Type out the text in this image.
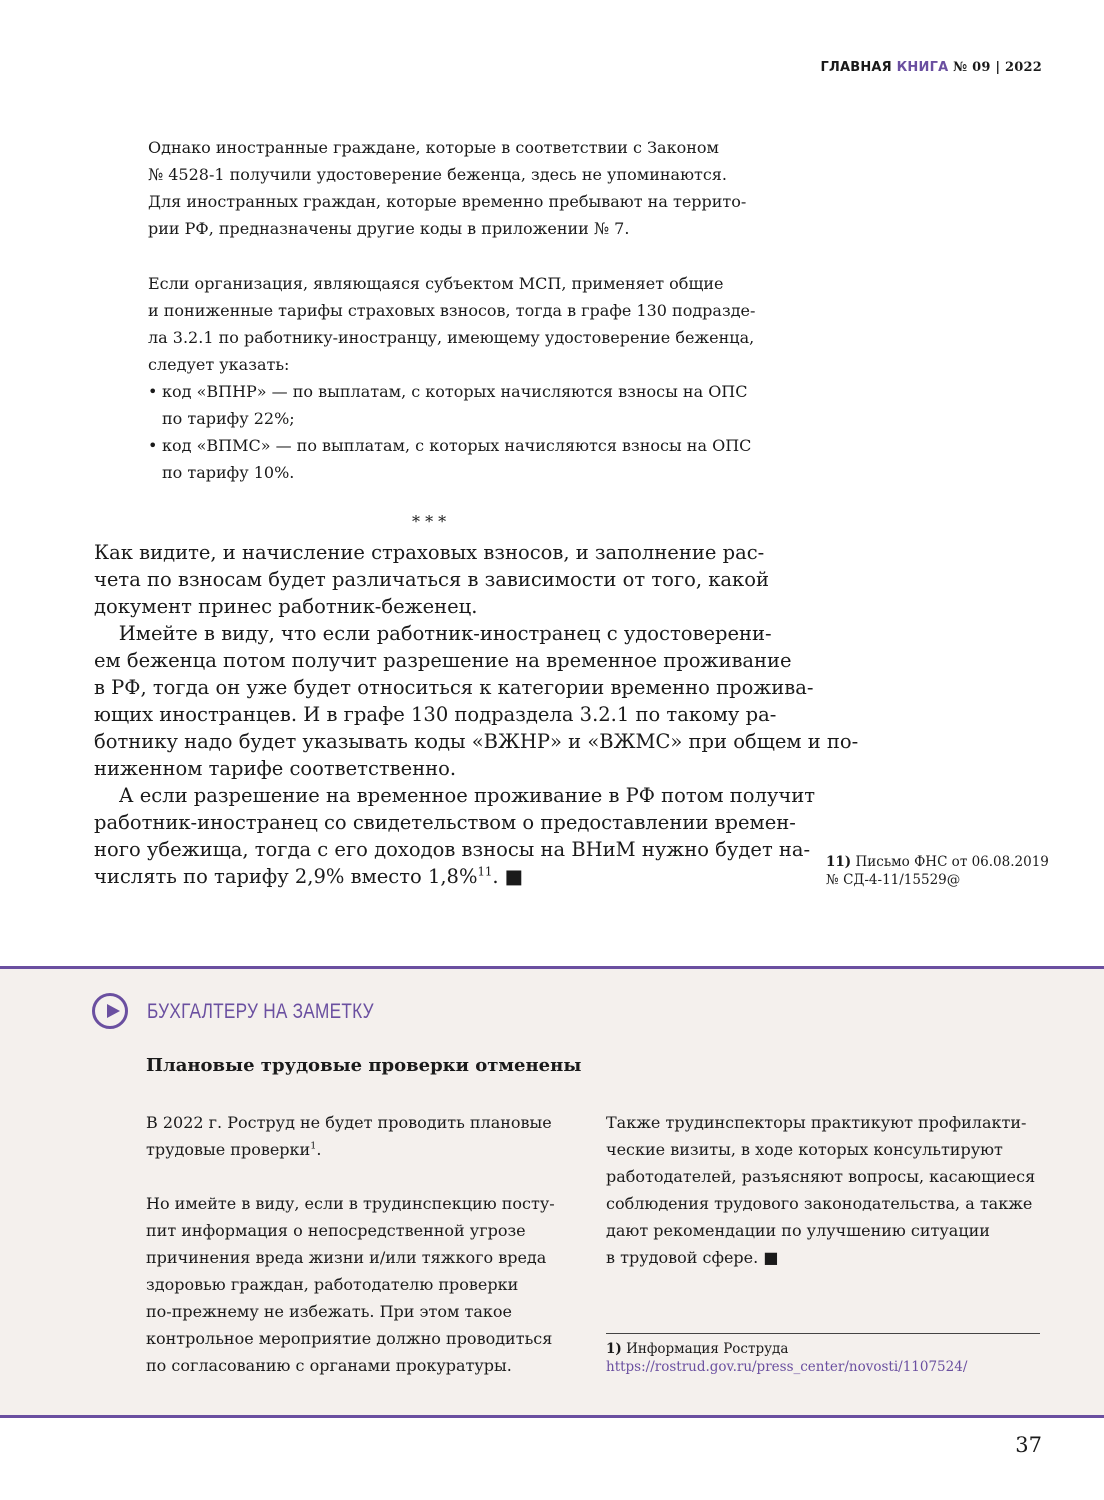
ГЛАВНАЯ КНИГА № 09 | 2022
Однако иностранные граждане, которые в соответствии с Законом
№ 4528-1 получили удостоверение беженца, здесь не упоминаются.
Для иностранных граждан, которые временно пребывают на террито-
рии РФ, предназначены другие коды в приложении № 7.
Если организация, являющаяся субъектом МСП, применяет общие
и пониженные тарифы страховых взносов, тогда в графе 130 подразде-
ла 3.2.1 по работнику-иностранцу, имеющему удостоверение беженца,
следует указать:
• код «ВПНР» — по выплатам, с которых начисляются взносы на ОПС
по тарифу 22%;
• код «ВПМС» — по выплатам, с которых начисляются взносы на ОПС
по тарифу 10%.
* * *
Как видите, и начисление страховых взносов, и заполнение рас-
чета по взносам будет различаться в зависимости от того, какой
документ принес работник-беженец.
Имейте в виду, что если работник-иностранец с удостоверени-
ем беженца потом получит разрешение на временное проживание
в РФ, тогда он уже будет относиться к категории временно прожива-
ющих иностранцев. И в графе 130 подраздела 3.2.1 по такому ра-
ботнику надо будет указывать коды «ВЖНР» и «ВЖМС» при общем и по-
ниженном тарифе соответственно.
А если разрешение на временное проживание в РФ потом получит
работник-иностранец со свидетельством о предоставлении времен-
ного убежища, тогда с его доходов взносы на ВНиМ нужно будет на-
числять по тарифу 2,9% вместо 1,8%$^{11}$. ■
11) Письмо ФНС от 06.08.2019
№ СД-4-11/15529@
БУХГАЛТЕРУ НА ЗАМЕТКУ
Плановые трудовые проверки отменены
В 2022 г. Роструд не будет проводить плановые
трудовые проверки$^1$.
Но имейте в виду, если в трудинспекцию посту-
пит информация о непосредственной угрозе
причинения вреда жизни и/или тяжкого вреда
здоровью граждан, работодателю проверки
по-прежнему не избежать. При этом такое
контрольное мероприятие должно проводиться
по согласованию с органами прокуратуры.
Также трудинспекторы практикуют профилакти-
ческие визиты, в ходе которых консультируют
работодателей, разъясняют вопросы, касающиеся
соблюдения трудового законодательства, а также
дают рекомендации по улучшению ситуации
в трудовой сфере. ■
1) Информация Роструда
https://rostrud.gov.ru/press_center/novosti/1107524/
37
